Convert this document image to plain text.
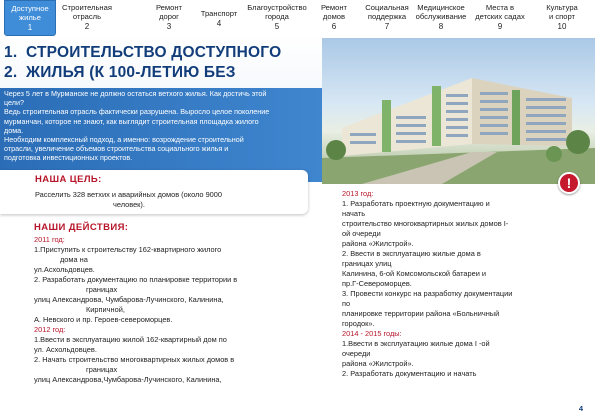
Доступное
жилье
1
Строительная
отрасль
2
Ремонт
дорог
3
Транспорт
4
Благоустройство
города
5
Ремонт
домов
6
Социальная
поддержка
7
Медицинское
обслуживание
8
Места в
детских садах
9
Культура
и спорт
10
1. СТРОИТЕЛЬСТВО ДОСТУПНОГО
2. ЖИЛЬЯ (К 100-ЛЕТИЮ БЕЗ

Через 5 лет в Мурманске не должно остаться ветхого жилья. Как достичь этой
цели?
Ведь строительная отрасль фактически разрушена. Выросло целое поколение
мурманчан, которое не знают, как выглядит строительная площадка жилого
дома.
Необходим комплексный подход, а именно: возрождение строительной
отрасли, увеличение объемов строительства социального жилья и
подготовка инвестиционных проектов.

НАША ЦЕЛЬ:
Расселить 328 ветхих и аварийных домов (около 9000
человек).
НАШИ ДЕЙСТВИЯ:
2011 год:
1.Приступить к строительству 162-квартирного жилого
дома на
ул.Асхольдовцев.
2. Разработать документацию по планировке территории в
границах
улиц Александрова, Чумбарова-Лучинского, Калинина,
Кирпичной,
А. Невского и пр. Героев-североморцев.
2012 год:
1.Ввести в эксплуатацию жилой 162-квартирный дом по
ул. Асхольдовцев.
2. Начать строительство многоквартирных жилых домов в
границах
улиц Александрова,Чумбарова-Лучинского, Калинина,
2013 год:
1. Разработать проектную документацию и
начать
строительство многоквартирных жилых домов I-
ой очереди
района «Жилстрой».
2. Ввести в эксплуатацию жилые дома в
границах улиц
Калинина, 6-ой Комсомольской батареи и
пр.Г-Североморцев.
3. Провести конкурс на разработку документации
по
планировке территории района «Больничный
городок».
2014 - 2015 годы:
1.Ввести в эксплуатацию жилые дома I -ой
очереди
района «Жилстрой».
2. Разработать документацию и начать
!
4
